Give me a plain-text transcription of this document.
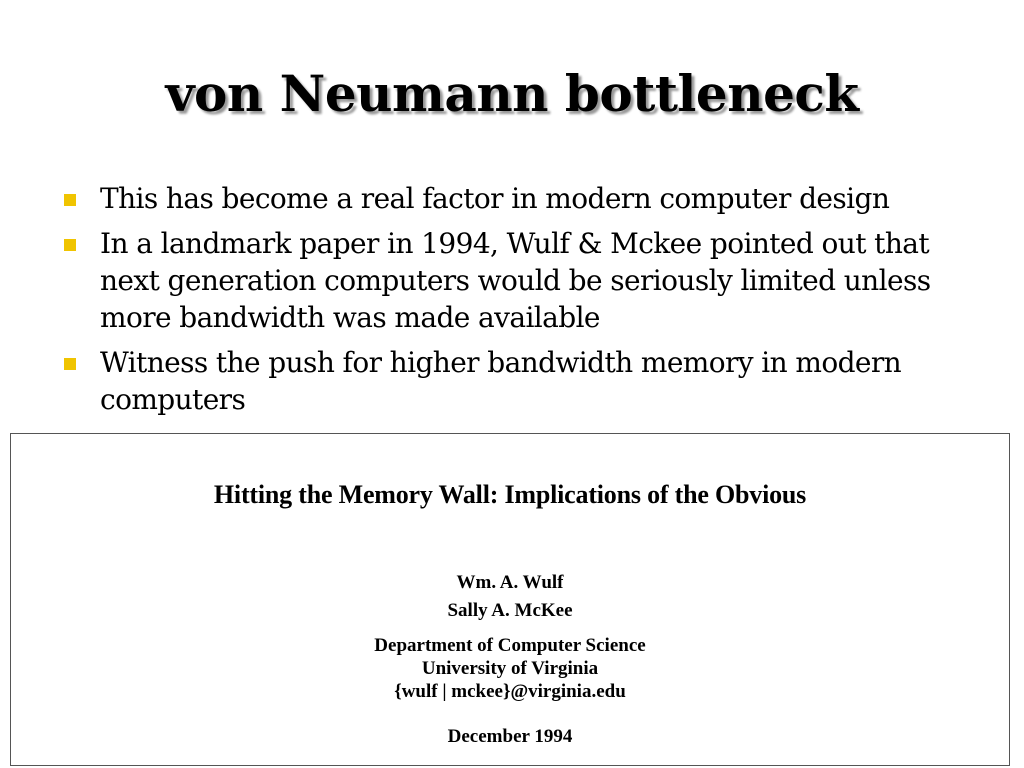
von Neumann bottleneck
This has become a real factor in modern computer design
In a landmark paper in 1994, Wulf & Mckee pointed out that next generation computers would be seriously limited unless more bandwidth was made available
Witness the push for higher bandwidth memory in modern computers
Hitting the Memory Wall: Implications of the Obvious
Wm. A. Wulf
Sally A. McKee
Department of Computer Science
University of Virginia
{wulf | mckee}@virginia.edu
December 1994
